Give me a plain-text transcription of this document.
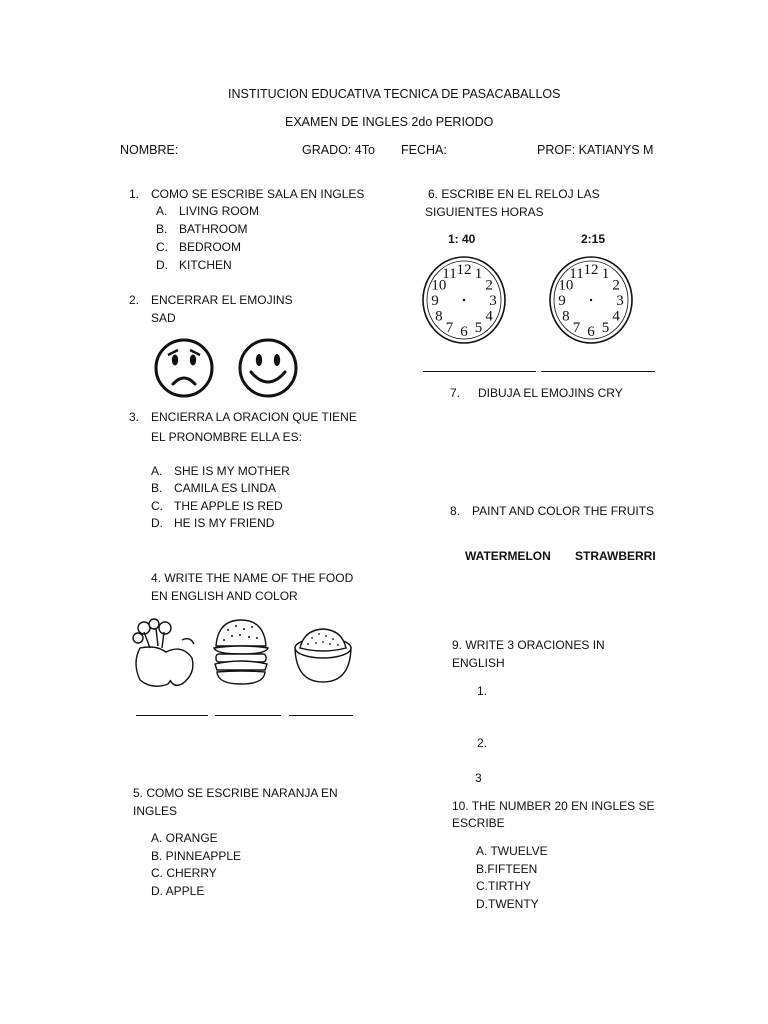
INSTITUCION EDUCATIVA TECNICA DE PASACABALLOS
EXAMEN DE INGLES 2do PERIODO
NOMBRE:	GRADO: 4To FECHA:	PROF: KATIANYS M
1. COMO SE ESCRIBE SALA EN INGLES
A. LIVING ROOM
B. BATHROOM
C. BEDROOM
D. KITCHEN
2. ENCERRAR EL EMOJINS
SAD
3. ENCIERRA LA ORACION QUE TIENE
EL PRONOMBRE ELLA ES:
A. SHE IS MY MOTHER
B. CAMILA ES LINDA
C. THE APPLE IS RED
D. HE IS MY FRIEND
4. WRITE THE NAME OF THE FOOD
EN ENGLISH AND COLOR
5. COMO SE ESCRIBE NARANJA EN
INGLES
A. ORANGE
B. PINNEAPPLE
C. CHERRY
D. APPLE
6. ESCRIBE EN EL RELOJ LAS
SIGUIENTES HORAS
1: 40	2:15
12 1
2
3
4
5
6
7
8
9
10
11	12 1
2
3
4
5
6
7
8
9
10
11
7. DIBUJA EL EMOJINS CRY
8. PAINT AND COLOR THE FRUITS
WATERMELON STRAWBERRI
9. WRITE 3 ORACIONES IN
ENGLISH
1.
2.
3
10. THE NUMBER 20 EN INGLES SE
ESCRIBE
A. TWUELVE
B.FIFTEEN
C.TIRTHY
D.TWENTY
